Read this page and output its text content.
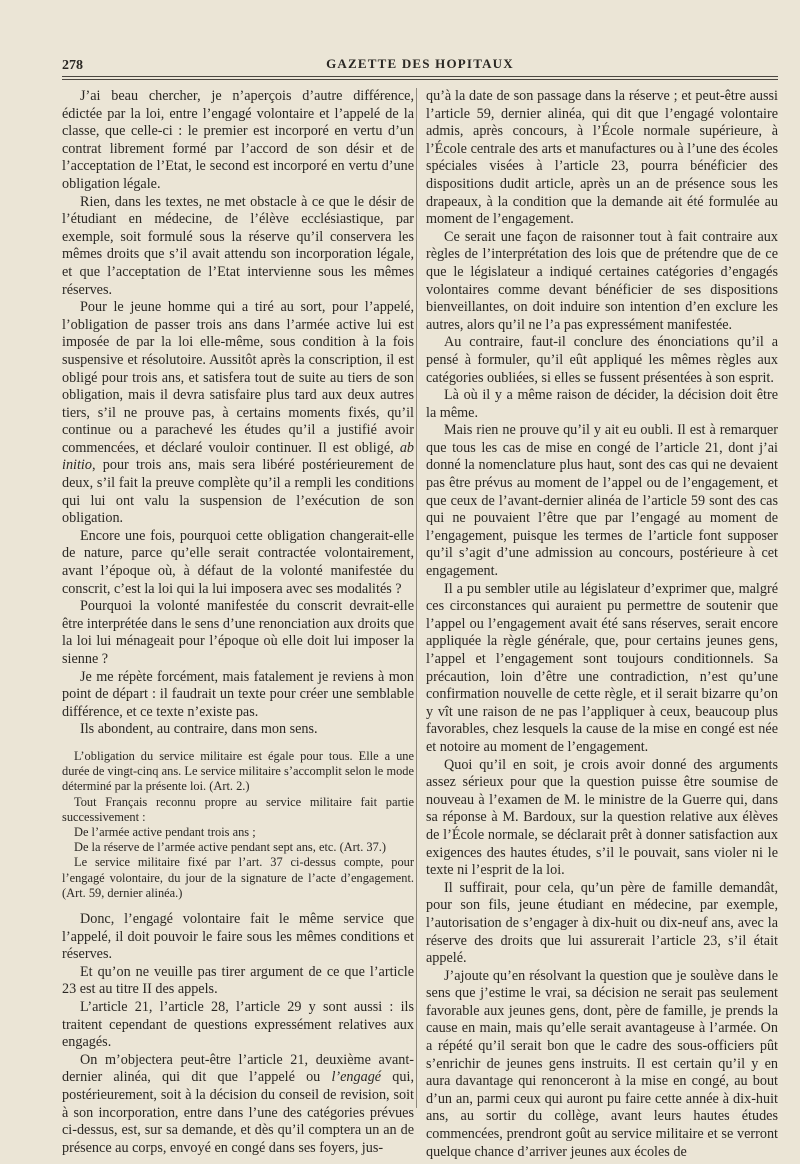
278	GAZETTE DES HOPITAUX

J’ai beau chercher, je n’aperçois d’autre différence, édictée par la loi, entre l’engagé volontaire et l’appelé de la classe, que celle-ci : le premier est incorporé en vertu d’un contrat librement formé par l’accord de son désir et de l’acceptation de l’Etat, le second est incorporé en vertu d’une obligation légale.

Rien, dans les textes, ne met obstacle à ce que le désir de l’étudiant en médecine, de l’élève ecclésiastique, par exemple, soit formulé sous la réserve qu’il conservera les mêmes droits que s’il avait attendu son incorporation légale, et que l’acceptation de l’Etat intervienne sous les mêmes réserves.

Pour le jeune homme qui a tiré au sort, pour l’appelé, l’obligation de passer trois ans dans l’armée active lui est imposée de par la loi elle-même, sous condition à la fois suspensive et résolutoire. Aussitôt après la conscription, il est obligé pour trois ans, et satisfera tout de suite au tiers de son obligation, mais il devra satisfaire plus tard aux deux autres tiers, s’il ne prouve pas, à certains moments fixés, qu’il continue ou a parachevé les études qu’il a justifié avoir commencées, et déclaré vouloir continuer. Il est obligé, ab initio, pour trois ans, mais sera libéré postérieurement de deux, s’il fait la preuve complète qu’il a rempli les conditions qui lui ont valu la suspension de l’exécution de son obligation.

Encore une fois, pourquoi cette obligation changerait-elle de nature, parce qu’elle serait contractée volontairement, avant l’époque où, à défaut de la volonté manifestée du conscrit, c’est la loi qui la lui imposera avec ses modalités ?

Pourquoi la volonté manifestée du conscrit devrait-elle être interprétée dans le sens d’une renonciation aux droits que la loi lui ménageait pour l’époque où elle doit lui imposer la sienne ?

Je me répète forcément, mais fatalement je reviens à mon point de départ : il faudrait un texte pour créer une semblable différence, et ce texte n’existe pas.

Ils abondent, au contraire, dans mon sens.

L’obligation du service militaire est égale pour tous. Elle a une durée de vingt-cinq ans. Le service militaire s’accomplit selon le mode déterminé par la présente loi. (Art. 2.)

Tout Français reconnu propre au service militaire fait partie successivement :

De l’armée active pendant trois ans ;

De la réserve de l’armée active pendant sept ans, etc. (Art. 37.)

Le service militaire fixé par l’art. 37 ci-dessus compte, pour l’engagé volontaire, du jour de la signature de l’acte d’engagement. (Art. 59, dernier alinéa.)

Donc, l’engagé volontaire fait le même service que l’appelé, il doit pouvoir le faire sous les mêmes conditions et réserves.

Et qu’on ne veuille pas tirer argument de ce que l’article 23 est au titre II des appels.

L’article 21, l’article 28, l’article 29 y sont aussi : ils traitent cependant de questions expressément relatives aux engagés.

On m’objectera peut-être l’article 21, deuxième avant-dernier alinéa, qui dit que l’appelé ou l’engagé qui, postérieurement, soit à la décision du conseil de revision, soit à son incorporation, entre dans l’une des catégories prévues ci-dessus, est, sur sa demande, et dès qu’il comptera un an de présence au corps, envoyé en congé dans ses foyers, jus-

qu’à la date de son passage dans la réserve ; et peut-être aussi l’article 59, dernier alinéa, qui dit que l’engagé volontaire admis, après concours, à l’École normale supérieure, à l’École centrale des arts et manufactures ou à l’une des écoles spéciales visées à l’article 23, pourra bénéficier des dispositions dudit article, après un an de présence sous les drapeaux, à la condition que la demande ait été formulée au moment de l’engagement.

Ce serait une façon de raisonner tout à fait contraire aux règles de l’interprétation des lois que de prétendre que de ce que le législateur a indiqué certaines catégories d’engagés volontaires comme devant bénéficier de ses dispositions bienveillantes, on doit induire son intention d’en exclure les autres, alors qu’il ne l’a pas expressément manifestée.

Au contraire, faut-il conclure des énonciations qu’il a pensé à formuler, qu’il eût appliqué les mêmes règles aux catégories oubliées, si elles se fussent présentées à son esprit.

Là où il y a même raison de décider, la décision doit être la même.

Mais rien ne prouve qu’il y ait eu oubli. Il est à remarquer que tous les cas de mise en congé de l’article 21, dont j’ai donné la nomenclature plus haut, sont des cas qui ne devaient pas être prévus au moment de l’appel ou de l’engagement, et que ceux de l’avant-dernier alinéa de l’article 59 sont des cas qui ne pouvaient l’être que par l’engagé au moment de l’engagement, puisque les termes de l’article font supposer qu’il s’agit d’une admission au concours, postérieure à cet engagement.

Il a pu sembler utile au législateur d’exprimer que, malgré ces circonstances qui auraient pu permettre de soutenir que l’appel ou l’engagement avait été sans réserves, serait encore appliquée la règle générale, que, pour certains jeunes gens, l’appel et l’engagement sont toujours conditionnels. Sa précaution, loin d’être une contradiction, n’est qu’une confirmation nouvelle de cette règle, et il serait bizarre qu’on y vît une raison de ne pas l’appliquer à ceux, beaucoup plus favorables, chez lesquels la cause de la mise en congé est née et notoire au moment de l’engagement.

Quoi qu’il en soit, je crois avoir donné des arguments assez sérieux pour que la question puisse être soumise de nouveau à l’examen de M. le ministre de la Guerre qui, dans sa réponse à M. Bardoux, sur la question relative aux élèves de l’École normale, se déclarait prêt à donner satisfaction aux exigences des hautes études, s’il le pouvait, sans violer ni le texte ni l’esprit de la loi.

Il suffirait, pour cela, qu’un père de famille demandât, pour son fils, jeune étudiant en médecine, par exemple, l’autorisation de s’engager à dix-huit ou dix-neuf ans, avec la réserve des droits que lui assurerait l’article 23, s’il était appelé.

J’ajoute qu’en résolvant la question que je soulève dans le sens que j’estime le vrai, sa décision ne serait pas seulement favorable aux jeunes gens, dont, père de famille, je prends la cause en main, mais qu’elle serait avantageuse à l’armée. On a répété qu’il serait bon que le cadre des sous-officiers pût s’enrichir de jeunes gens instruits. Il est certain qu’il y en aura davantage qui renonceront à la mise en congé, au bout d’un an, parmi ceux qui auront pu faire cette année à dix-huit ans, au sortir du collège, avant leurs hautes études commencées, prendront goût au service militaire et se verront quelque chance d’arriver jeunes aux écoles de
